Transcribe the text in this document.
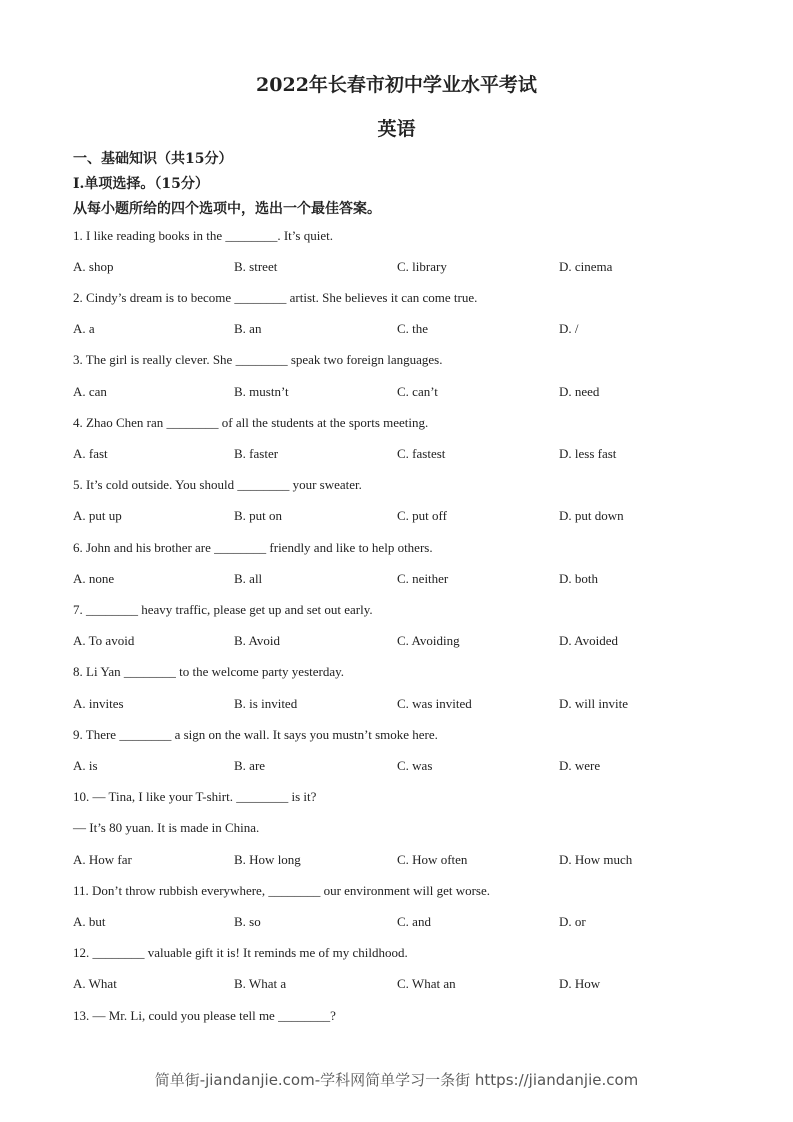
2022年长春市初中学业水平考试
英语
一、基础知识（共15分）
Ⅰ.单项选择。（15分）
从每小题所给的四个选项中，选出一个最佳答案。
1. I like reading books in the ________. It’s quiet.
A. shop	B. street	C. library	D. cinema
2. Cindy’s dream is to become ________ artist. She believes it can come true.
A. a	B. an	C. the	D. /
3. The girl is really clever. She ________ speak two foreign languages.
A. can	B. mustn’t	C. can’t	D. need
4. Zhao Chen ran ________ of all the students at the sports meeting.
A. fast	B. faster	C. fastest	D. less fast
5. It’s cold outside. You should ________ your sweater.
A. put up	B. put on	C. put off	D. put down
6. John and his brother are ________ friendly and like to help others.
A. none	B. all	C. neither	D. both
7. ________ heavy traffic, please get up and set out early.
A. To avoid	B. Avoid	C. Avoiding	D. Avoided
8. Li Yan ________ to the welcome party yesterday.
A. invites	B. is invited	C. was invited	D. will invite
9. There ________ a sign on the wall. It says you mustn’t smoke here.
A. is	B. are	C. was	D. were
10. — Tina, I like your T-shirt. ________ is it?
— It’s 80 yuan. It is made in China.
A. How far	B. How long	C. How often	D. How much
11. Don’t throw rubbish everywhere, ________ our environment will get worse.
A. but	B. so	C. and	D. or
12. ________ valuable gift it is! It reminds me of my childhood.
A. What	B. What a	C. What an	D. How
13. — Mr. Li, could you please tell me ________?
简单街-jiandanjie.com-学科网简单学习一条街 https://jiandanjie.com
